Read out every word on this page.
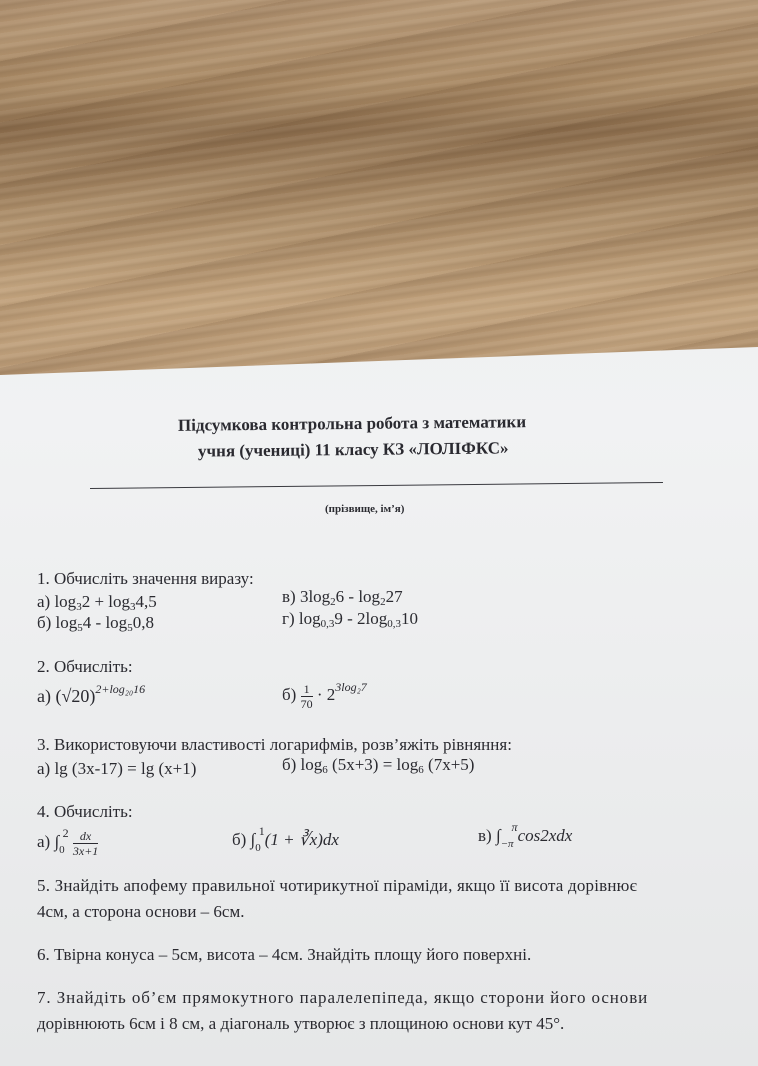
Підсумкова контрольна робота з математики
учня (учениці) 11 класу КЗ «ЛОЛІФКС»
(прізвище, ім’я)
1. Обчисліть значення виразу:
а) $\log_32 + \log_34,5$
б) $\log_54 - \log_50,8$
в) $3\log_26 - \log_227$
г) $\log_{0,3}9 - 2\log_{0,3}10$
2. Обчисліть:
а) $(√20)^{2+log_{20}16}$	$б) \frac{1}{70} \cdot 2^{3log_27}$
3. Використовуючи властивості логарифмів, розв’яжіть рівняння:
а) lg (3x-17) = lg (x+1)	б) $\log_6 (5x+3) = \log_6 (7x+5)$
4. Обчисліть:
а) $\int_0^2 \frac{dx}{3x+1}$	б) $\int_0^1(1$ + ∛x)dx	в) $\int_{-\pi}^\pi\cos 2xdx$
5. Знайдіть апофему правильної чотирикутної піраміди, якщо її висота дорівнює
4см, а сторона основи – 6см.
6. Твірна конуса – 5см, висота – 4см. Знайдіть площу його поверхні.
7. Знайдіть об’єм прямокутного паралелепіпеда, якщо сторони його основи
дорівнюють 6см і 8 см, а діагональ утворює з площиною основи кут 45°.
